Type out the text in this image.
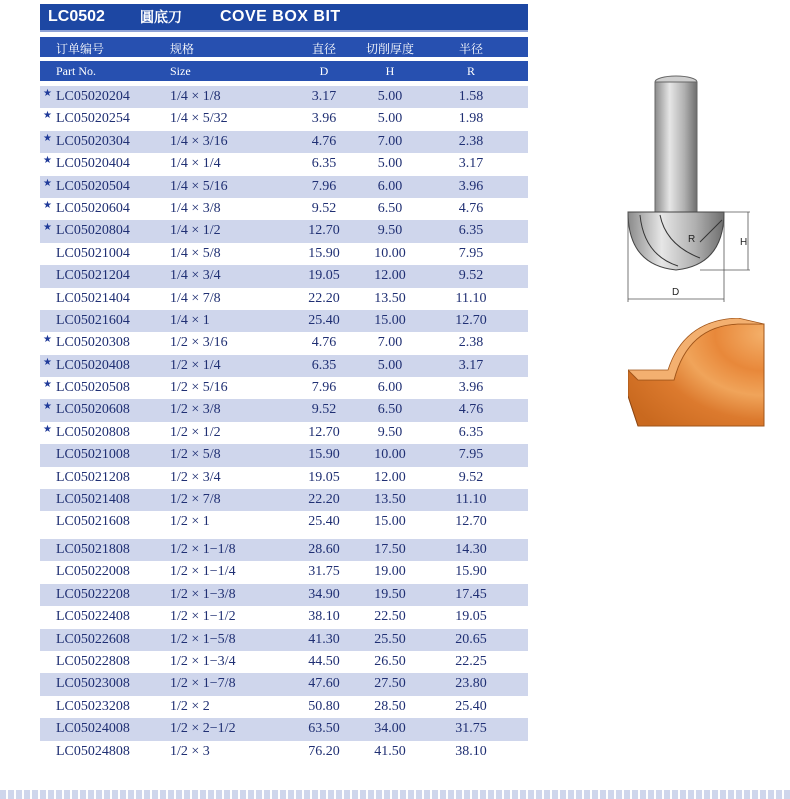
LC0502	圓底刀	COVE BOX BIT
订单编号	规格	直径	切削厚度	半径
Part No.	Size	D	H	R
★ LC05020204	1/4 × 1/8	3.17	5.00	1.58
★ LC05020254	1/4 × 5/32	3.96	5.00	1.98
★ LC05020304	1/4 × 3/16	4.76	7.00	2.38
★ LC05020404	1/4 × 1/4	6.35	5.00	3.17
★ LC05020504	1/4 × 5/16	7.96	6.00	3.96
★ LC05020604	1/4 × 3/8	9.52	6.50	4.76
★ LC05020804	1/4 × 1/2	12.70	9.50	6.35
LC05021004	1/4 × 5/8	15.90	10.00	7.95
LC05021204	1/4 × 3/4	19.05	12.00	9.52
LC05021404	1/4 × 7/8	22.20	13.50	11.10
LC05021604	1/4 × 1	25.40	15.00	12.70
★ LC05020308	1/2 × 3/16	4.76	7.00	2.38
★ LC05020408	1/2 × 1/4	6.35	5.00	3.17
★ LC05020508	1/2 × 5/16	7.96	6.00	3.96
★ LC05020608	1/2 × 3/8	9.52	6.50	4.76
★ LC05020808	1/2 × 1/2	12.70	9.50	6.35
LC05021008	1/2 × 5/8	15.90	10.00	7.95
LC05021208	1/2 × 3/4	19.05	12.00	9.52
LC05021408	1/2 × 7/8	22.20	13.50	11.10
LC05021608	1/2 × 1	25.40	15.00	12.70
LC05021808	1/2 × 1−1/8	28.60	17.50	14.30
LC05022008	1/2 × 1−1/4	31.75	19.00	15.90
LC05022208	1/2 × 1−3/8	34.90	19.50	17.45
LC05022408	1/2 × 1−1/2	38.10	22.50	19.05
LC05022608	1/2 × 1−5/8	41.30	25.50	20.65
LC05022808	1/2 × 1−3/4	44.50	26.50	22.25
LC05023008	1/2 × 1−7/8	47.60	27.50	23.80
LC05023208	1/2 × 2	50.80	28.50	25.40
LC05024008	1/2 × 2−1/2	63.50	34.00	31.75
LC05024808	1/2 × 3	76.20	41.50	38.10
R	H
D
